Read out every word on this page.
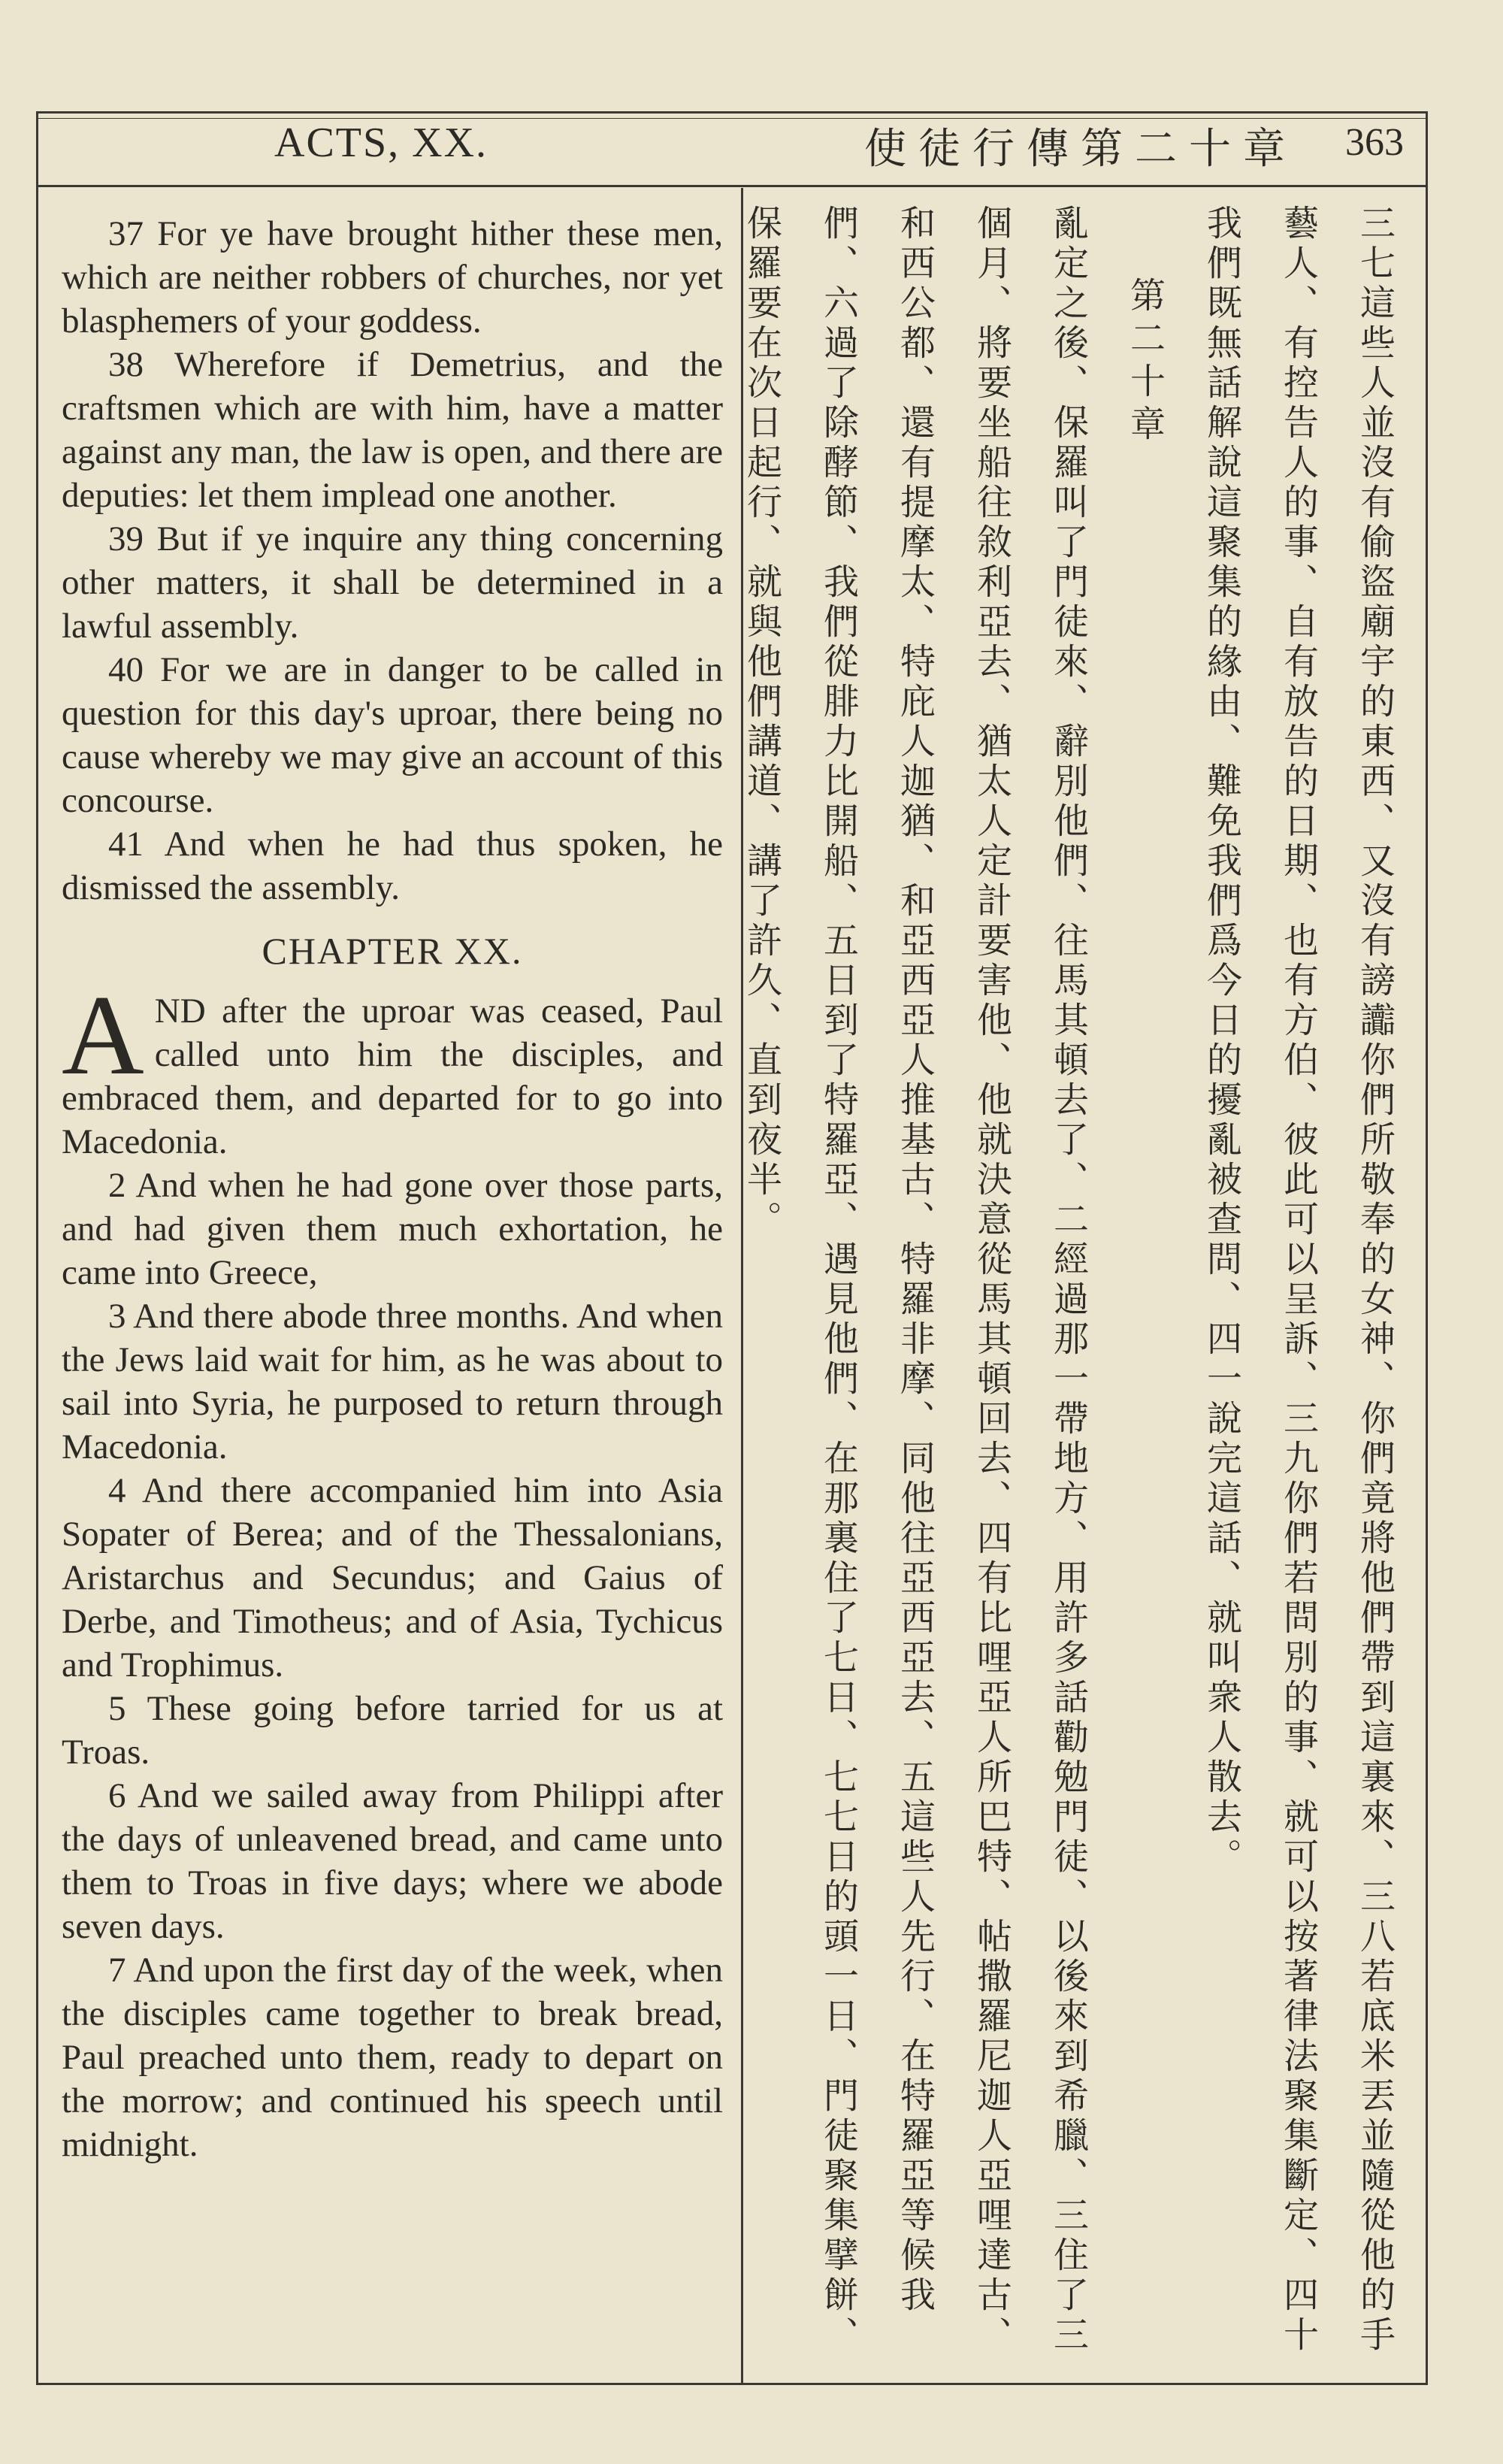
ACTS, XX.	使徒行傳第二十章 363

37 For ye have brought hither these men, which are neither robbers of churches, nor yet blasphemers of your goddess.

38 Wherefore if Demetrius, and the craftsmen which are with him, have a matter against any man, the law is open, and there are deputies: let them implead one another.

39 But if ye inquire any thing concerning other matters, it shall be determined in a lawful assembly.

40 For we are in danger to be called in question for this day's uproar, there being no cause whereby we may give an account of this concourse.

41 And when he had thus spoken, he dismissed the assembly.

CHAPTER XX.

AND after the uproar was ceased, Paul called unto him the disciples, and embraced them, and departed for to go into Macedonia.

2 And when he had gone over those parts, and had given them much exhortation, he came into Greece,

3 And there abode three months. And when the Jews laid wait for him, as he was about to sail into Syria, he purposed to return through Macedonia.

4 And there accompanied him into Asia Sopater of Berea; and of the Thessalonians, Aristarchus and Secundus; and Gaius of Derbe, and Timotheus; and of Asia, Tychicus and Trophimus.

5 These going before tarried for us at Troas.

6 And we sailed away from Philippi after the days of unleavened bread, and came unto them to Troas in five days; where we abode seven days.

7 And upon the first day of the week, when the disciples came together to break bread, Paul preached unto them, ready to depart on the morrow; and continued his speech until midnight.	三七這些人並沒有偷盜廟宇的東西、又沒有謗讟你們所敬奉的女神、你們竟將他們帶到這裏來、三八若底米丟並隨從他的手藝人、有控告人的事、自有放告的日期、也有方伯、彼此可以呈訴、三九你們若問別的事、就可以按著律法聚集斷定、四十我們既無話解說這聚集的緣由、難免我們爲今日的擾亂被查問、四一說完這話、就叫衆人散去。

第二十章

亂定之後、保羅叫了門徒來、辭別他們、往馬其頓去了、二經過那一帶地方、用許多話勸勉門徒、以後來到希臘、三住了三個月、將要坐船往敘利亞去、猶太人定計要害他、他就決意從馬其頓回去、四有比哩亞人所巴特、帖撒羅尼迦人亞哩達古、和西公都、還有提摩太、特庇人迦猶、和亞西亞人推基古、特羅非摩、同他往亞西亞去、五這些人先行、在特羅亞等候我們、六過了除酵節、我們從腓力比開船、五日到了特羅亞、遇見他們、在那裏住了七日、七七日的頭一日、門徒聚集擘餅、保羅要在次日起行、就與他們講道、講了許久、直到夜半。
